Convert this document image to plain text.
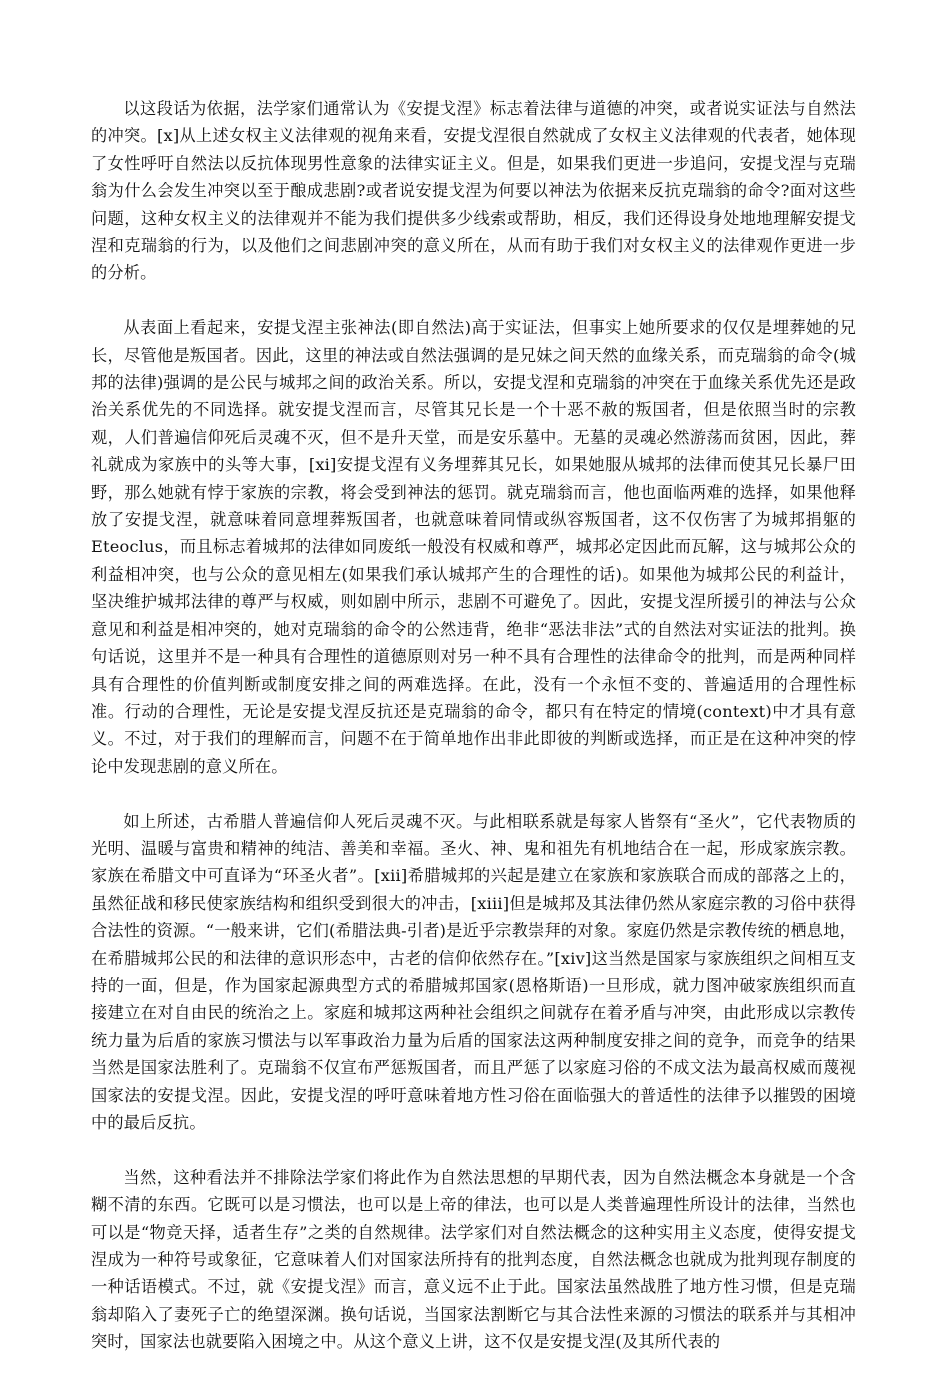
以这段话为依据，法学家们通常认为《安提戈涅》标志着法律与道德的冲突，或者说实证法与自然法的冲突。[x]从上述女权主义法律观的视角来看，安提戈涅很自然就成了女权主义法律观的代表者，她体现了女性呼吁自然法以反抗体现男性意象的法律实证主义。但是，如果我们更进一步追问，安提戈涅与克瑞翁为什么会发生冲突以至于酿成悲剧?或者说安提戈涅为何要以神法为依据来反抗克瑞翁的命令?面对这些问题，这种女权主义的法律观并不能为我们提供多少线索或帮助，相反，我们还得设身处地地理解安提戈涅和克瑞翁的行为，以及他们之间悲剧冲突的意义所在，从而有助于我们对女权主义的法律观作更进一步的分析。

从表面上看起来，安提戈涅主张神法(即自然法)高于实证法，但事实上她所要求的仅仅是埋葬她的兄长，尽管他是叛国者。因此，这里的神法或自然法强调的是兄妹之间天然的血缘关系，而克瑞翁的命令(城邦的法律)强调的是公民与城邦之间的政治关系。所以，安提戈涅和克瑞翁的冲突在于血缘关系优先还是政治关系优先的不同选择。就安提戈涅而言，尽管其兄长是一个十恶不赦的叛国者，但是依照当时的宗教观，人们普遍信仰死后灵魂不灭，但不是升天堂，而是安乐墓中。无墓的灵魂必然游荡而贫困，因此，葬礼就成为家族中的头等大事，[xi]安提戈涅有义务埋葬其兄长，如果她服从城邦的法律而使其兄长暴尸田野，那么她就有悖于家族的宗教，将会受到神法的惩罚。就克瑞翁而言，他也面临两难的选择，如果他释放了安提戈涅，就意味着同意埋葬叛国者，也就意味着同情或纵容叛国者，这不仅伤害了为城邦捐躯的Eteoclus，而且标志着城邦的法律如同废纸一般没有权威和尊严，城邦必定因此而瓦解，这与城邦公众的利益相冲突，也与公众的意见相左(如果我们承认城邦产生的合理性的话)。如果他为城邦公民的利益计，坚决维护城邦法律的尊严与权威，则如剧中所示，悲剧不可避免了。因此，安提戈涅所援引的神法与公众意见和利益是相冲突的，她对克瑞翁的命令的公然违背，绝非“恶法非法”式的自然法对实证法的批判。换句话说，这里并不是一种具有合理性的道德原则对另一种不具有合理性的法律命令的批判，而是两种同样具有合理性的价值判断或制度安排之间的两难选择。在此，没有一个永恒不变的、普遍适用的合理性标准。行动的合理性，无论是安提戈涅反抗还是克瑞翁的命令，都只有在特定的情境(context)中才具有意义。不过，对于我们的理解而言，问题不在于简单地作出非此即彼的判断或选择，而正是在这种冲突的悖论中发现悲剧的意义所在。

如上所述，古希腊人普遍信仰人死后灵魂不灭。与此相联系就是每家人皆祭有“圣火”，它代表物质的光明、温暖与富贵和精神的纯洁、善美和幸福。圣火、神、鬼和祖先有机地结合在一起，形成家族宗教。家族在希腊文中可直译为“环圣火者”。[xii]希腊城邦的兴起是建立在家族和家族联合而成的部落之上的，虽然征战和移民使家族结构和组织受到很大的冲击，[xiii]但是城邦及其法律仍然从家庭宗教的习俗中获得合法性的资源。“一般来讲，它们(希腊法典-引者)是近乎宗教崇拜的对象。家庭仍然是宗教传统的栖息地，在希腊城邦公民的和法律的意识形态中，古老的信仰依然存在。”[xiv]这当然是国家与家族组织之间相互支持的一面，但是，作为国家起源典型方式的希腊城邦国家(恩格斯语)一旦形成，就力图冲破家族组织而直接建立在对自由民的统治之上。家庭和城邦这两种社会组织之间就存在着矛盾与冲突，由此形成以宗教传统力量为后盾的家族习惯法与以军事政治力量为后盾的国家法这两种制度安排之间的竞争，而竞争的结果当然是国家法胜利了。克瑞翁不仅宣布严惩叛国者，而且严惩了以家庭习俗的不成文法为最高权威而蔑视国家法的安提戈涅。因此，安提戈涅的呼吁意味着地方性习俗在面临强大的普适性的法律予以摧毁的困境中的最后反抗。

当然，这种看法并不排除法学家们将此作为自然法思想的早期代表，因为自然法概念本身就是一个含糊不清的东西。它既可以是习惯法，也可以是上帝的律法，也可以是人类普遍理性所设计的法律，当然也可以是“物竞天择，适者生存”之类的自然规律。法学家们对自然法概念的这种实用主义态度，使得安提戈涅成为一种符号或象征，它意味着人们对国家法所持有的批判态度，自然法概念也就成为批判现存制度的一种话语模式。不过，就《安提戈涅》而言，意义远不止于此。国家法虽然战胜了地方性习惯，但是克瑞翁却陷入了妻死子亡的绝望深渊。换句话说，当国家法割断它与其合法性来源的习惯法的联系并与其相冲突时，国家法也就要陷入困境之中。从这个意义上讲，这不仅是安提戈涅(及其所代表的
